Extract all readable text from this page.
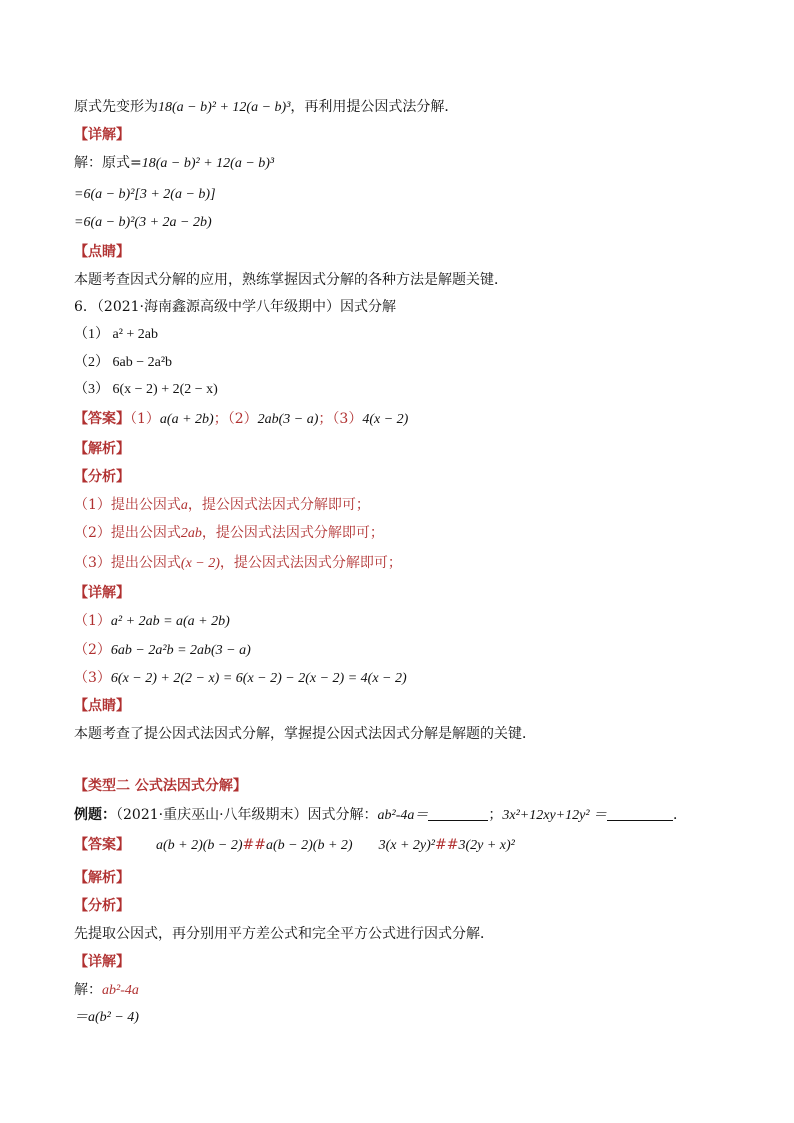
原式先变形为18(a − b)² + 12(a − b)³，再利用提公因式法分解．
【详解】
解：原式=18(a − b)² + 12(a − b)³
=6(a − b)²[3 + 2(a − b)]
=6(a − b)²(3 + 2a − 2b)
【点睛】
本题考查因式分解的应用，熟练掌握因式分解的各种方法是解题关键．
6．（2021·海南鑫源高级中学八年级期中）因式分解
（1） a² + 2ab
（2） 6ab − 2a²b
（3） 6(x − 2) + 2(2 − x)
【答案】（1）a(a + 2b)；（2）2ab(3 − a)；（3）4(x − 2)
【解析】
【分析】
（1）提出公因式a，提公因式法因式分解即可；
（2）提出公因式2ab，提公因式法因式分解即可；
（3）提出公因式(x − 2)，提公因式法因式分解即可；
【详解】
（1）a² + 2ab = a(a + 2b)
（2）6ab − 2a²b = 2ab(3 − a)
（3）6(x − 2) + 2(2 − x) = 6(x − 2) − 2(x − 2) = 4(x − 2)
【点睛】
本题考查了提公因式法因式分解，掌握提公因式法因式分解是解题的关键．
【类型二 公式法因式分解】
例题：（2021·重庆巫山·八年级期末）因式分解：ab²-4a＝	；3x²+12xy+12y² ＝	．
【答案】 a(b + 2)(b − 2)##a(b − 2)(b + 2) 3(x + 2y)²##3(2y + x)²
【解析】
【分析】
先提取公因式，再分别用平方差公式和完全平方公式进行因式分解．
【详解】
解：ab²-4a
＝a(b² − 4)
